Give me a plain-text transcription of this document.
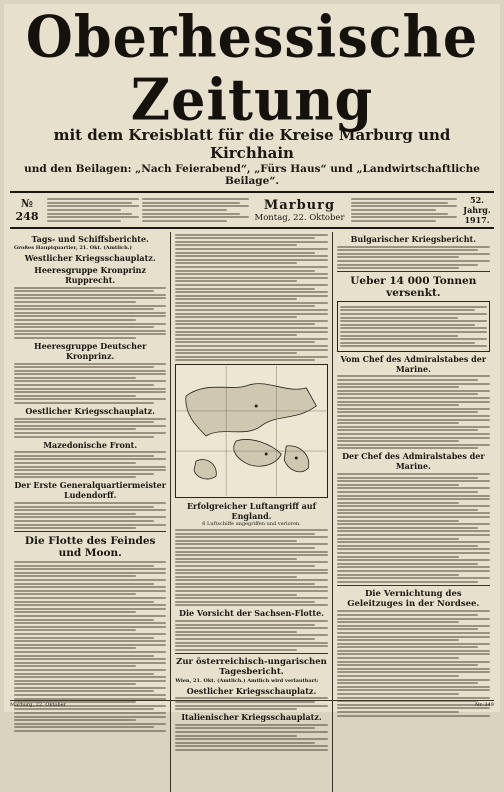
Oberhessische Zeitung
mit dem Kreisblatt für die Kreise Marburg und Kirchhain
und den Beilagen: „Nach Feierabend“, „Fürs Haus“ und „Landwirtschaftliche Beilage“.
№ 248
Marburg
Montag, 22. Oktober
52. Jahrg.
1917.
Tags- und Schiffsberichte.
Großes Hauptquartier, 21. Okt. (Amtlich.)
Westlicher Kriegsschauplatz.
Heeresgruppe Kronprinz Rupprecht.
Heeresgruppe Deutscher Kronprinz.
Oestlicher Kriegsschauplatz.
Mazedonische Front.
Der Erste Generalquartiermeister Ludendorff.
Die Flotte des Feindes und Moon.
Erfolgreicher Luftangriff auf England.
6 Luftschiffe angegriffen und verloren.
Die Vorsicht der Sachsen-Flotte.
Zur österreichisch-ungarischen Tagesbericht.
Wien, 21. Okt. (Amtlich.) Amtlich wird verlautbart:
Oestlicher Kriegsschauplatz.
Italienischer Kriegsschauplatz.
Bulgarischer Kriegsbericht.
Ueber 14 000 Tonnen versenkt.
Vom Chef des Admiralstabes der Marine.
Der Chef des Admiralstabes der Marine.
Die Vernichtung des Geleitzuges in der Nordsee.
Marburg, 22. Oktober	Nr. 248
